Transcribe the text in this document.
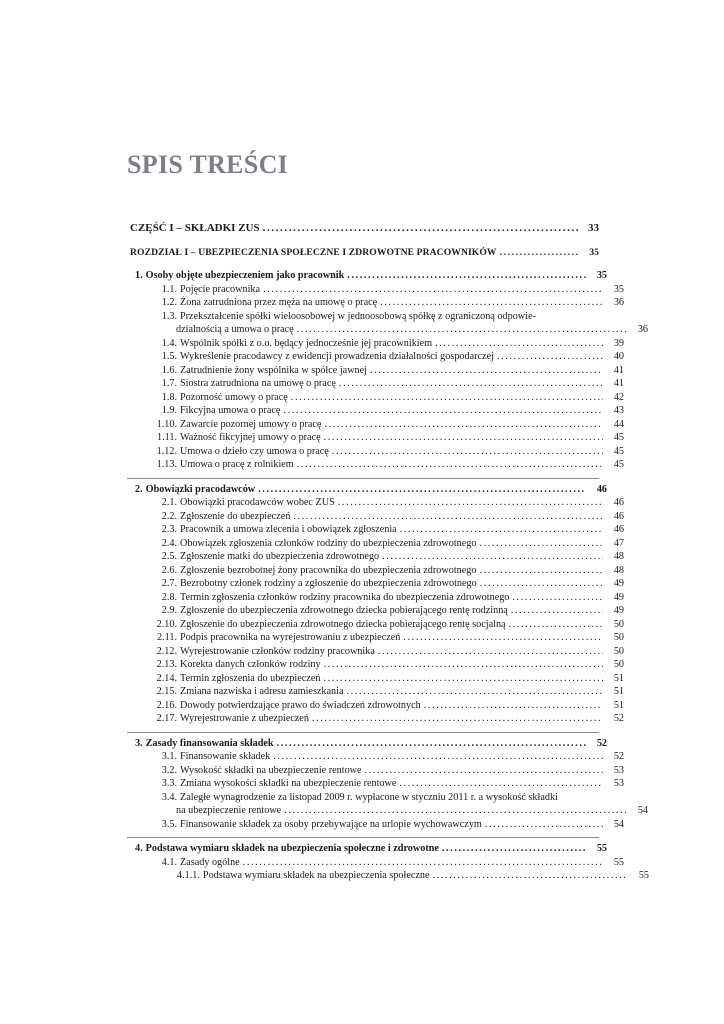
SPIS TREŚCI
CZĘŚĆ I – SKŁADKI ZUS .....	33
ROZDZIAŁ I – UBEZPIECZENIA SPOŁECZNE I ZDROWOTNE PRACOWNIKÓW .....	35
1. Osoby objęte ubezpieczeniem jako pracownik .....	35
1.1. Pojęcie pracownika .....	35
1.2. Żona zatrudniona przez męża na umowę o pracę .....	36
1.3. Przekształcenie spółki wieloosobowej w jednoosobową spółkę z ograniczoną odpowie-
dzialnością a umowa o pracę .....	36
1.4. Wspólnik spółki z o.o. będący jednocześnie jej pracownikiem .....	39
1.5. Wykreślenie pracodawcy z ewidencji prowadzenia działalności gospodarczej .....	40
1.6. Zatrudnienie żony wspólnika w spółce jawnej .....	41
1.7. Siostra zatrudniona na umowę o pracę .....	41
1.8. Pozorność umowy o pracę .....	42
1.9. Fikcyjna umowa o pracę .....	43
1.10. Zawarcie pozornej umowy o pracę .....	44
1.11. Ważność fikcyjnej umowy o pracę .....	45
1.12. Umowa o dzieło czy umowa o pracę .....	45
1.13. Umowa o pracę z rolnikiem .....	45
2. Obowiązki pracodawców .....	46
2.1. Obowiązki pracodawców wobec ZUS .....	46
2.2. Zgłoszenie do ubezpieczeń .....	46
2.3. Pracownik a umowa zlecenia i obowiązek zgłoszenia .....	46
2.4. Obowiązek zgłoszenia członków rodziny do ubezpieczenia zdrowotnego .....	47
2.5. Zgłoszenie matki do ubezpieczenia zdrowotnego .....	48
2.6. Zgłoszenie bezrobotnej żony pracownika do ubezpieczenia zdrowotnego .....	48
2.7. Bezrobotny członek rodziny a zgłoszenie do ubezpieczenia zdrowotnego .....	49
2.8. Termin zgłoszenia członków rodziny pracownika do ubezpieczenia zdrowotnego .....	49
2.9. Zgłoszenie do ubezpieczenia zdrowotnego dziecka pobierającego rentę rodzinną .....	49
2.10. Zgłoszenie do ubezpieczenia zdrowotnego dziecka pobierającego rentę socjalną .....	50
2.11. Podpis pracownika na wyrejestrowaniu z ubezpieczeń .....	50
2.12. Wyrejestrowanie członków rodziny pracownika .....	50
2.13. Korekta danych członków rodziny .....	50
2.14. Termin zgłoszenia do ubezpieczeń .....	51
2.15. Zmiana nazwiska i adresu zamieszkania .....	51
2.16. Dowody potwierdzające prawo do świadczeń zdrowotnych .....	51
2.17. Wyrejestrowanie z ubezpieczeń .....	52
3. Zasady finansowania składek .....	52
3.1. Finansowanie składek .....	52
3.2. Wysokość składki na ubezpieczenie rentowe .....	53
3.3. Zmiana wysokości składki na ubezpieczenie rentowe .....	53
3.4. Zaległe wynagrodzenie za listopad 2009 r. wypłacone w styczniu 2011 r. a wysokość składki
na ubezpieczenie rentowe .....	54
3.5. Finansowanie składek za osoby przebywające na urlopie wychowawczym .....	54
4. Podstawa wymiaru składek na ubezpieczenia społeczne i zdrowotne .....	55
4.1. Zasady ogólne .....	55
4.1.1. Podstawa wymiaru składek na ubezpieczenia społeczne .....	55
